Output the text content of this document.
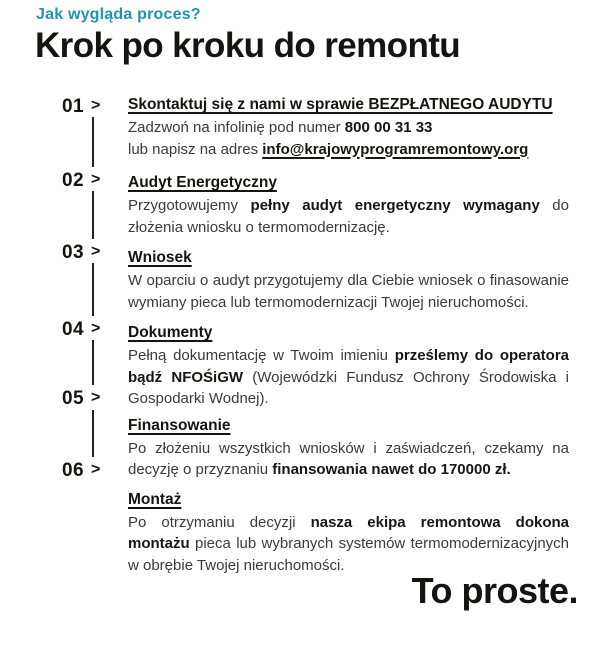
Jak wygląda proces?
Krok po kroku do remontu
01 >
02 >
03 >
04 >
05 >
06 >
Skontaktuj się z nami w sprawie BEZPŁATNEGO AUDYTU
Zadzwoń na infolinię pod numer 800 00 31 33
lub napisz na adres info@krajowyprogramremontowy.org
Audyt Energetyczny

Przygotowujemy pełny audyt energetyczny wymagany do złożenia wniosku o termomodernizację.

Wniosek

W oparciu o audyt przygotujemy dla Ciebie wniosek o finasowanie wymiany pieca lub termomodernizacji Twojej nieruchomości.

Dokumenty

Pełną dokumentację w Twoim imieniu prześlemy do operatora bądź NFOŚiGW (Wojewódzki Fundusz Ochrony Środowiska i Gospodarki Wodnej).

Finansowanie

Po złożeniu wszystkich wniosków i zaświadczeń, czekamy na decyzję o przyznaniu finansowania nawet do 170000 zł.

Montaż

Po otrzymaniu decyzji nasza ekipa remontowa dokona montażu pieca lub wybranych systemów termomodernizacyjnych w obrębie Twojej nieruchomości.

To proste.
